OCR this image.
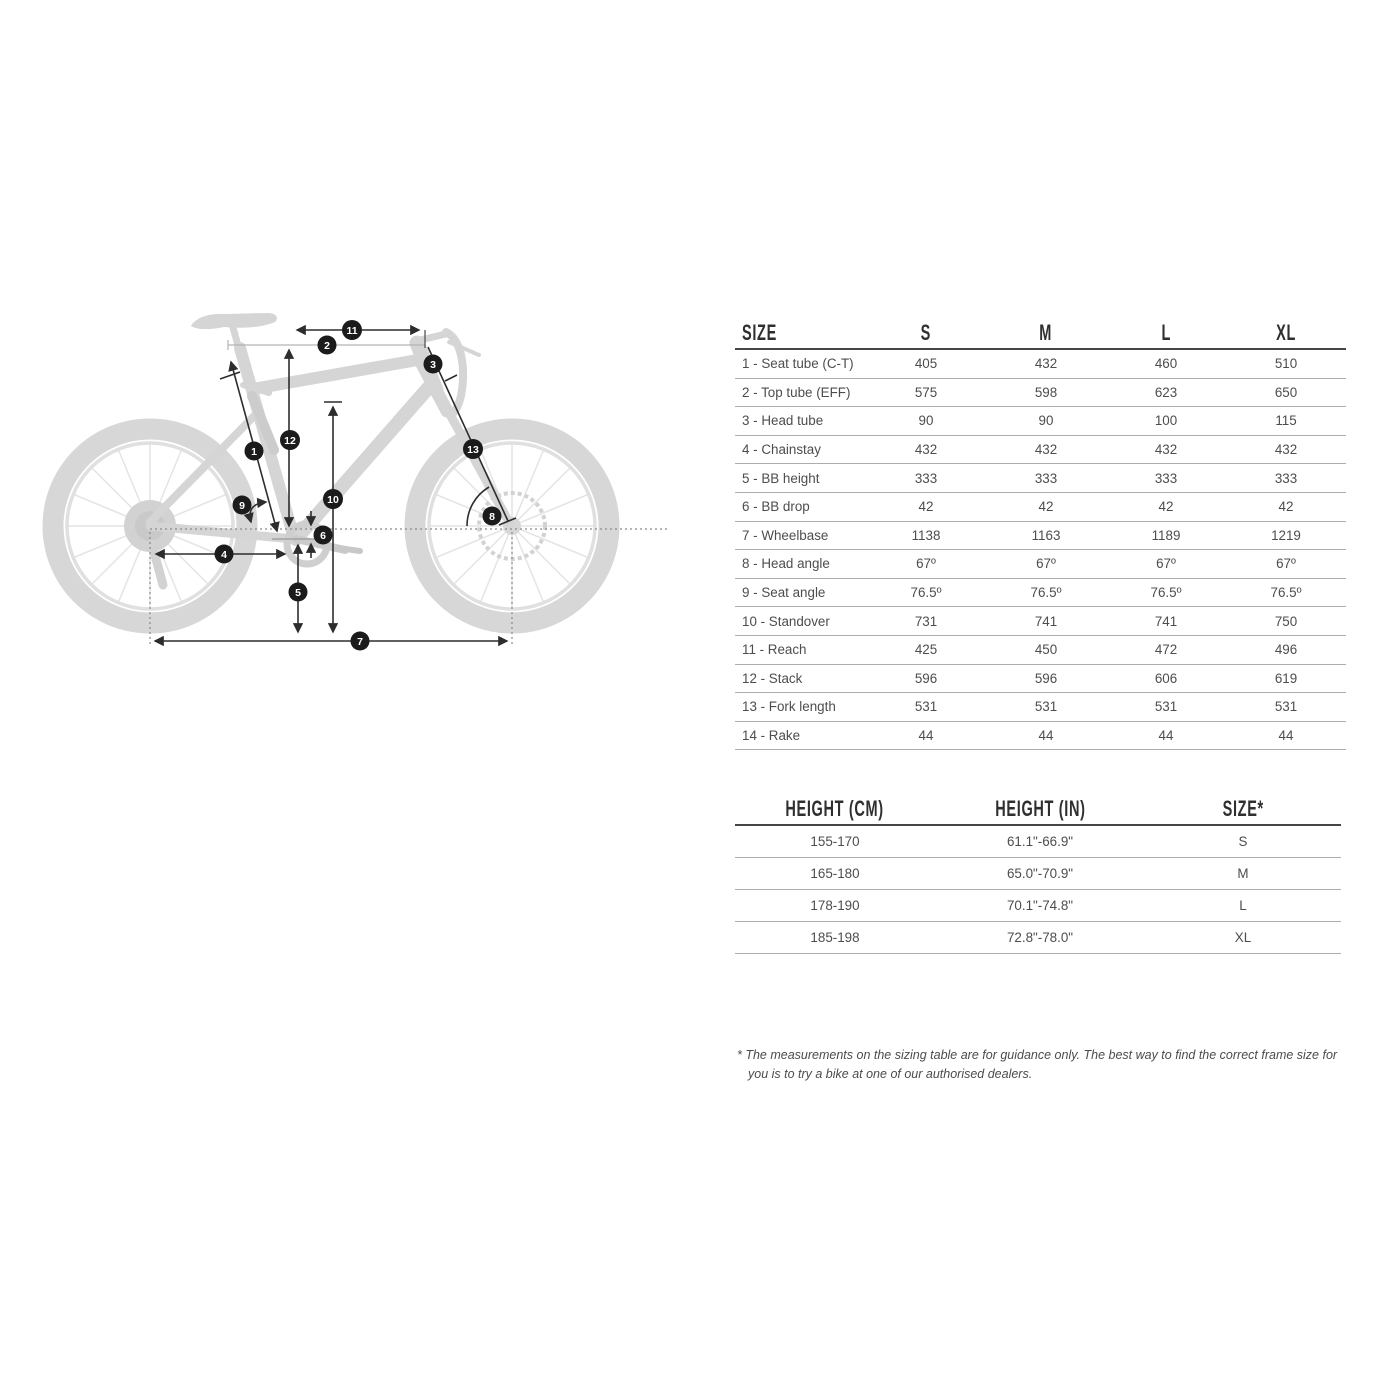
1
2
3
4
5
6
7
8
9	10
11
12
13
SIZE	S	M	L	XL
1 - Seat tube (C-T)	405	432	460	510
2 - Top tube (EFF)	575	598	623	650
3 - Head tube	90	90	100	115
4 - Chainstay	432	432	432	432
5 - BB height	333	333	333	333
6 - BB drop	42	42	42	42
7 - Wheelbase	1138	1163	1189	1219
8 - Head angle	67º	67º	67º	67º
9 - Seat angle	76.5º	76.5º	76.5º	76.5º
10 - Standover	731	741	741	750
11 - Reach	425	450	472	496
12 - Stack	596	596	606	619
13 - Fork length	531	531	531	531
14 - Rake	44	44	44	44
HEIGHT (CM)	HEIGHT (IN)	SIZE*
155-170	61.1"-66.9"	S
165-180	65.0"-70.9"	M
178-190	70.1"-74.8"	L
185-198	72.8"-78.0"	XL

* The measurements on the sizing table are for guidance only. The best way to find the correct frame size for you is to try a bike at one of our authorised dealers.
